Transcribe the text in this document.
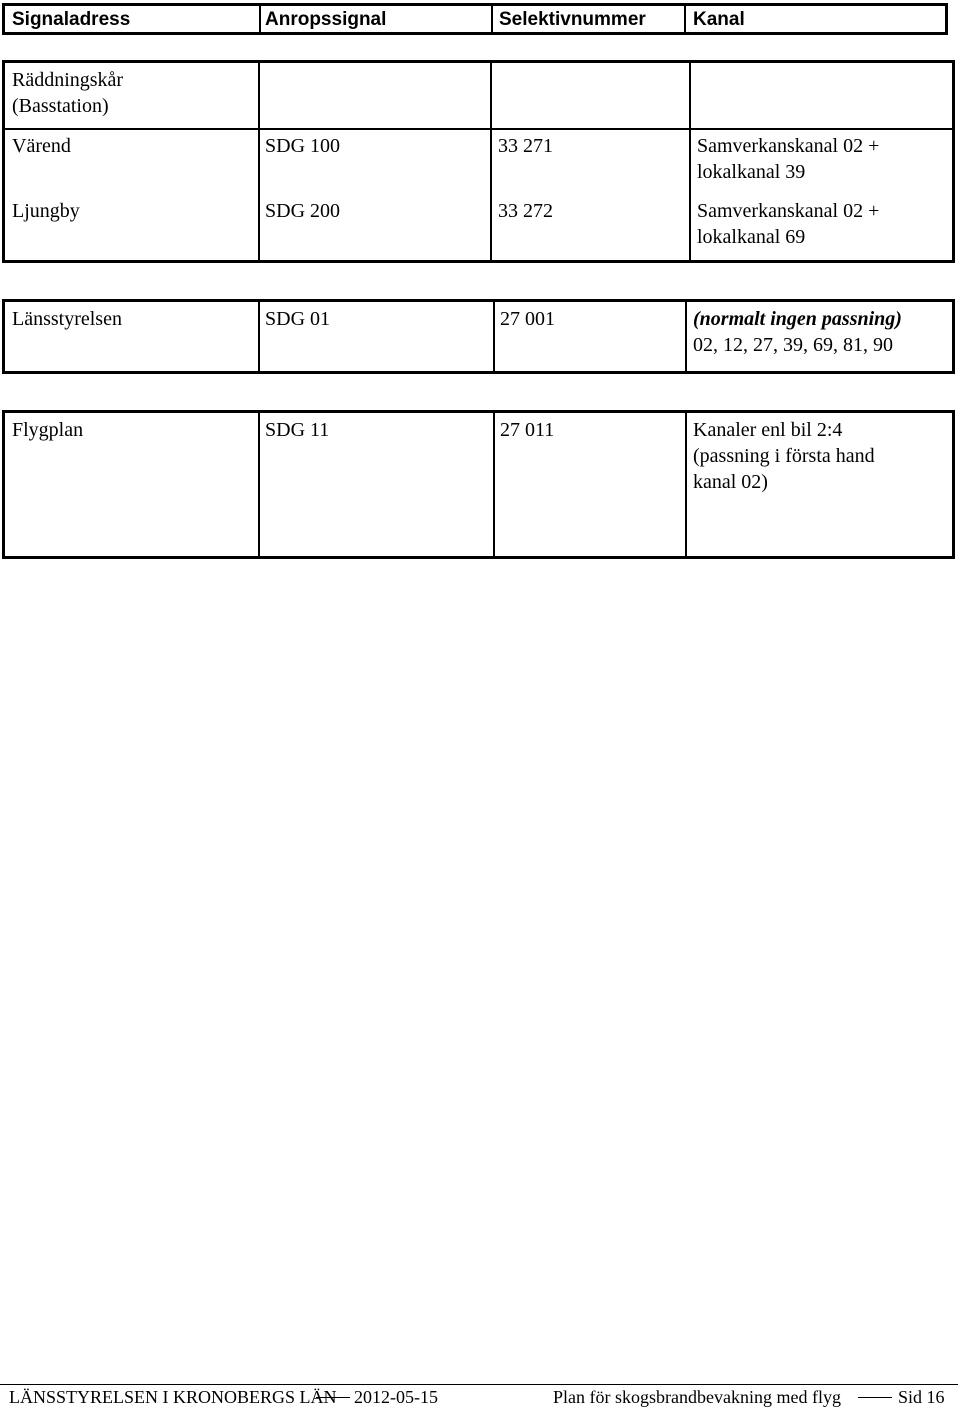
Signaladress	Anropssignal	Selektivnummer Kanal
Räddningskår
(Basstation)
Värend	SDG 100	33 271	Samverkanskanal 02 +
lokalkanal 39
Ljungby	SDG 200	33 272	Samverkanskanal 02 +
lokalkanal 69
Länsstyrelsen	SDG 01	27 001	(normalt ingen passning)
02, 12, 27, 39, 69, 81, 90
Flygplan	SDG 11	27 011	Kanaler enl bil 2:4
(passning i första hand
kanal 02)
LÄNSSTYRELSEN I KRONOBERGS LÄN 2012-05-15	Plan för skogsbrandbevakning med flyg	Sid 16
